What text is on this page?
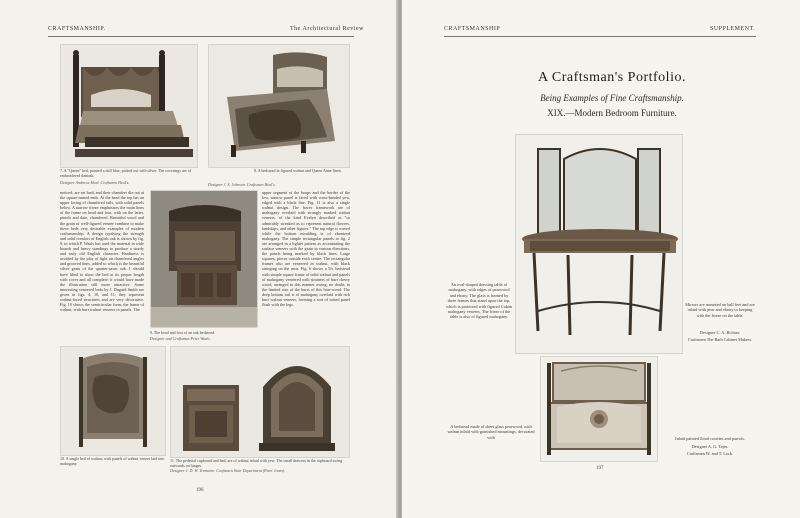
CRAFTSMANSHIP.	The Architectural Review
7. A "Queen" bed, painted a dull blue, picked out with silver. The coverings are of embroidered damask.
Designer Ambrose Heal. Craftsmen Heal's.
8. A bedstead in figured walnut and Queen Anne linen.
Designer J. S. Johnson. Craftsmen Heal's.

noticed, are set back and their chamfers die out at the square-turned ends. At the head the top has an upper facing of chamfered rails, with solid panels below. A narrow frieze emphasizes the main lines of the frame on head and foot, with on the latter, pintels and date, chamfered. Beautiful wood and the grain of well-figured veneer combine to make these beds very desirable examples of modern craftsmanship. A design typifying the strength and solid comfort of English oak is shown by fig. 9, in which P. Waals has used the material in wide boards and heavy standings to produce a sturdy and truly old English character. Hardiness is avoided by the play of light on chamfered angles and grooved lines, added to which is the beautiful silver grain of the quarter-sawn oak. I should have liked to show the bed at its proper length with cover and all complete: it would have made the illustration still more attractive. Some interesting veneered beds by J. Duguid Smith are given in figs. 4, 10, and 11; they represent walnut-faced structures and are very decorative. Fig. 10 shows the semicircular form, the frame of walnut, with burr walnut veneers in panels. The

9. The head and foot of an oak bedstead.
Designer and Craftsman Peter Waals.

upper segment of the hoops and the border of the low, narrow panel is faced with cross-banded yew, edged with a black line. Fig. 11 is also a single walnut design. The lower framework are of mahogany overlaid with strongly marked walnut veneers, of the kind Evelyn described as "so admirably streaked as to represent natural flowers, landskips, and other figures." The top edge is waved while the bottom moulding is of ebonized mahogany. The simple rectangular panels to fig. 2 are arranged in a lighter pattern as accentuating the surface veneers with the grain in various directions, the panels being marked by black lines. Large squares; pieces outside each centre. The rectangular frames also are veneered in walnut, with black stringing on the arris. Fig. 6 shows a 5ft. bedstead with simple square frame of solid walnut and panels of mahogany veneered with strainers of burr cherry wood, arranged in this manner owing, no doubt, to the limited size of the burrs of this burr-wood. The deep bottom rail is of mahogany overlaid with rich burr walnut veneers, forming a sort of raised panel flush with the legs.

10. A single bed of walnut, with panels of walnut veneer laid into mahogany.
11. The pedestal cupboard and bed, are of walnut inlaid with yew. The small drawers in the cupboard swing outwards on hinges.
Designer J. D. W. Tremaine. Craftsmen Stair Department (Peter Jones).
196
CRAFTSMANSHIP	SUPPLEMENT.
A Craftsman's Portfolio.
Being Examples of Fine Craftsmanship.
XIX.—Modern Bedroom Furniture.
An oval-shaped dressing table of mahogany, with edges of pearwood and ebony. The glass is framed by three frames that stand upon the top, which is protected with figured Cuban mahogany veneers. The frieze of the table is also of figured mahogany.
Mirrors are mounted on ball feet and are inlaid with pear and ebony to keeping with the frieze on the table.
Designer C. A. Richter.
Craftsmen The Bath Cabinet Makers.
A bedstead made of sheet glass pearwood, with walnut inlaid with garnished mountings, decorated with	Inlaid painted floral rosettes and parrots.
Designer A. G. Tajes.
Craftsmen W. and T. Lock.
197
